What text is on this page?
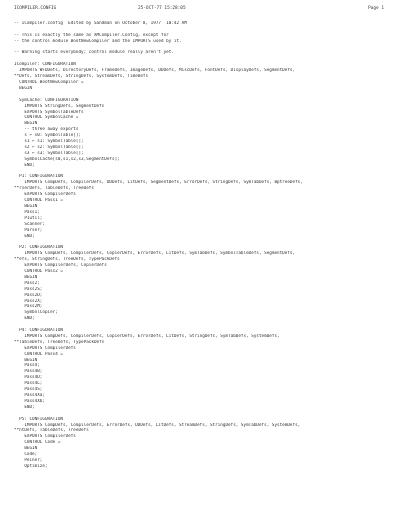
ICOMPILER.CONFIG	25-OCT-77 15:28:05	Page 1
-- ICompiler.config  Edited by Sandman on October 8, 1977  10:42 AM
-- This is exactly the same as XMCompiler.Config, except for
-- the control module BootNewCompiler and the IMPORTS used by it.
-- Warning starts everybody; control module really aren't yet.
ICompiler: CONFIGURATION
IMPORTS WFDDefs, DirectoryDefs, FrameDefs, ImageDefs, DDDefs, MiscDefs, FontDefs, DisplayDefs, SegmentDefs,
**Defs, StreamDefs, StringDefs, SystemDefs, TimeDefs
CONTROL BootNewCompiler =
BEGIN
SymCache: CONFIGURATION
IMPORTS StringDefs, SegmentDefs
EXPORTS SymbolTableDefs
CONTROL SymbolCache =
BEGIN
-- three away exports
s ← s0: SymbolTable[];
s1 ← s1: SymbolTable[];
s2 ← s2: SymbolTable[];
s3 ← s3: SymbolTable[];
SymbolCache[s0,s1,s2,s3,SegmentDefs];
END;
P1: CONFIGURATION
IMPORTS CompDefs, CompilerDefs, DDDefs, LitDefs, SegmentDefs, ErrorDefs, StringDefs, SymTabDefs, BptreeDefs,
**rserDefs, TableDefs, TreeDefs
EXPORTS CompilerDefs
CONTROL Pass1 =
BEGIN
Pass1;
P1util;
Scanner;
Parser;
END;
P2: CONFIGURATION
IMPORTS CompDefs, CompilerDefs, CopierDefs, ErrorDefs, LitDefs, SymTabDefs, SymbolTableDefs, SegmentDefs,
**efs, StringDefs, TreeDefs, TypePackDefs
EXPORTS CompilerDefs, CopierDefs
CONTROL Pass2 =
BEGIN
Pass2;
Pass2S;
Pass2D;
Pass2X;
Pass2M;
SymbolCopier;
END;
P4: CONFIGURATION
IMPORTS CompDefs, CompilerDefs, CopierDefs, ErrorDefs, LitDefs, StringDefs, SymTabDefs, SystemDefs,
**TableDefs, TreeDefs, TypePackDefs
EXPORTS CompilerDefs
CONTROL Pass4 =
BEGIN
Pass4;
Pass4B;
Pass4D;
Pass4L;
Pass4S;
Pass4Xa;
Pass4Xb;
END;
P5: CONFIGURATION
IMPORTS CompDefs, CompilerDefs, ErrorDefs, DDDefs, LitDefs, StreamDefs, StringDefs, SymTabDefs, SystemDefs,
**ntDefs, TableDefs, TreeDefs
EXPORTS CompilerDefs
CONTROL Code =
BEGIN
Code;
Peiner;
Optimize;
